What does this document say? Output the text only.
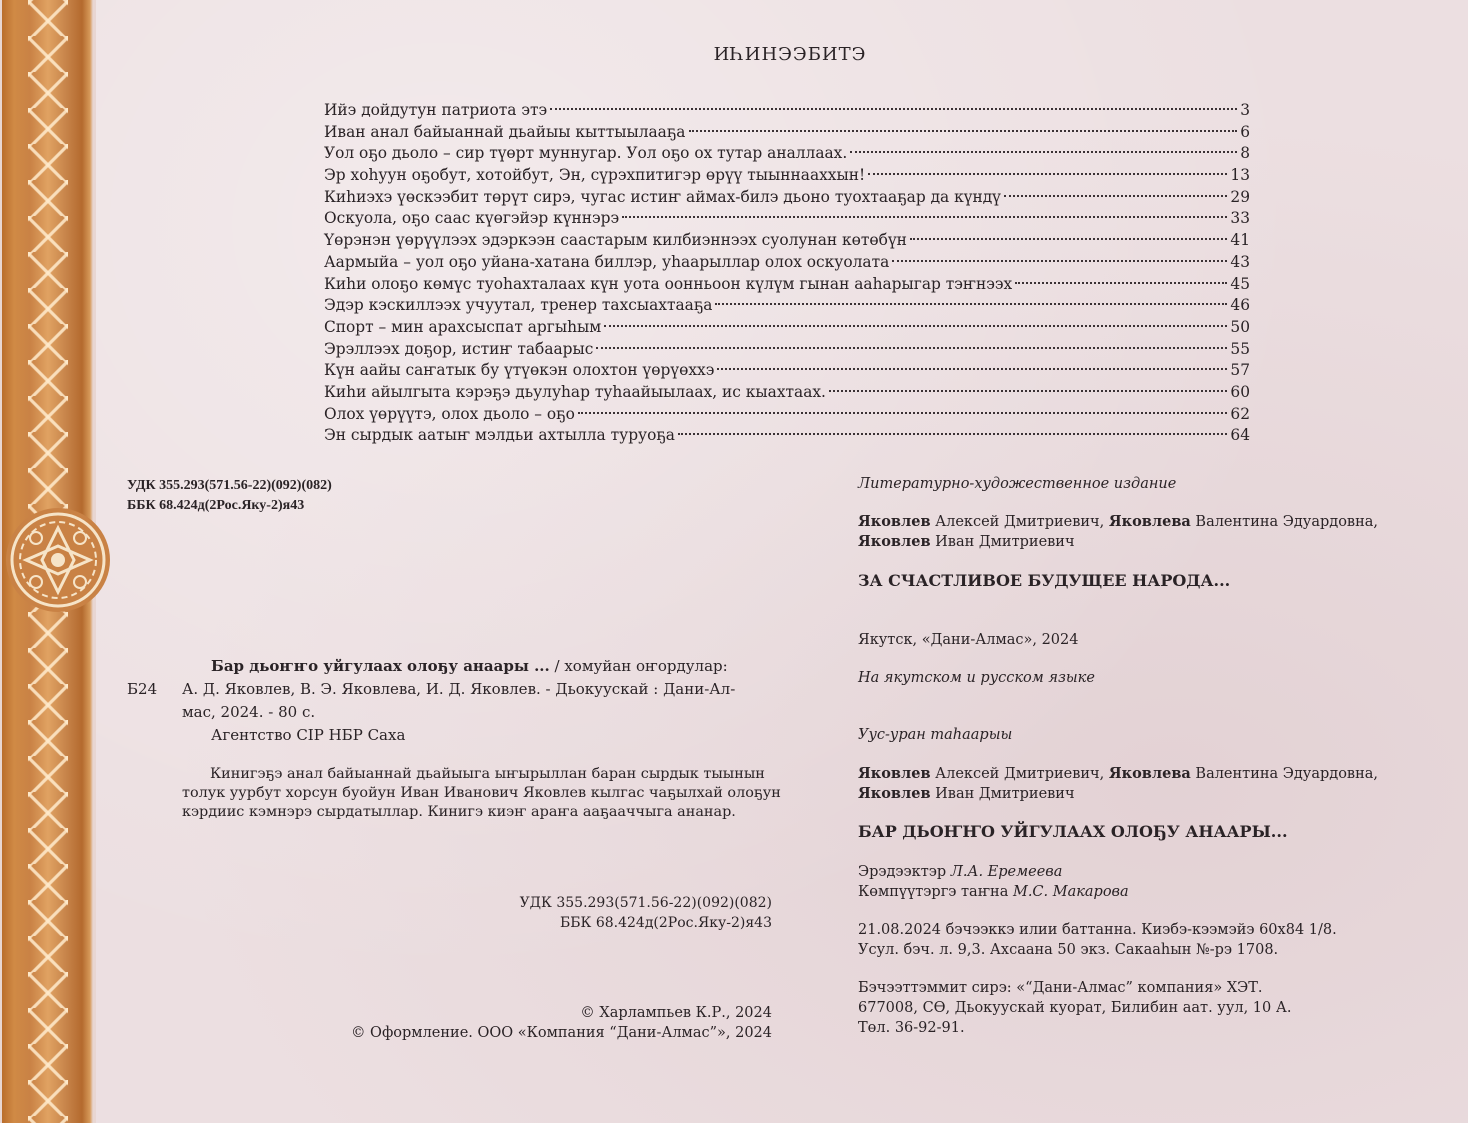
ИҺИНЭЭБИТЭ
Ийэ дойдутун патриота этэ	3
Иван анал байыаннай дьайыы кыттыылааҕа	6
Уол оҕо дьоло – сир түөрт муннугар. Уол оҕо ох тутар аналлаах.	8
Эр хоһуун оҕобут, хотойбут, Эн, сүрэхпитигэр өрүү тыыннааххын!	13
Киһиэхэ үөскээбит төрүт сирэ, чугас истиҥ аймах-билэ дьоно туохтааҕар да күндү	29
Оскуола, оҕо саас күөгэйэр күннэрэ	33
Үөрэнэн үөрүүлээх эдэркээн саастарым килбиэннээх суолунан көтөбүн	41
Аармыйа – уол оҕо уйана-хатана биллэр, уһаарыллар олох оскуолата	43
Киһи олоҕо көмүс туоһахталаах күн уота оонньоон күлүм гынан ааһарыгар тэҥнээх	45
Эдэр кэскиллээх учуутал, тренер тахсыахтааҕа	46
Спорт – мин арахсыспат аргыһым	50
Эрэллээх доҕор, истиҥ табаарыс	55
Күн аайы саҥатык бу үтүөкэн олохтон үөрүөххэ	57
Киһи айылгыта кэрэҕэ дьулуһар туһаайыылаах, ис кыахтаах.	60
Олох үөрүүтэ, олох дьоло – оҕо	62
Эн сырдык аатыҥ мэлдьи ахтылла туруоҕа	64
УДК 355.293(571.56-22)(092)(082)
ББК 68.424д(2Рос.Яку-2)я43
Б24
Бар дьоҥҥо уйгулаах олоҕу анаары ... / хомуйан оҥордулар:
А. Д. Яковлев, В. Э. Яковлева, И. Д. Яковлев. - Дьокуускай : Дани-Ал-
мас, 2024. - 80 с.
Агентство СIP НБР Саха
Кинигэҕэ анал байыаннай дьайыыга ыҥырыллан баран сырдык тыынын толук уурбут хорсун буойун Иван Иванович Яковлев кылгас чаҕылхай олоҕун кэрдиис кэмнэрэ сырдатыллар. Кинигэ киэҥ араҥа ааҕааччыга ананар.
УДК 355.293(571.56-22)(092)(082)
ББК 68.424д(2Рос.Яку-2)я43
© Харлампьев К.Р., 2024
© Оформление. ООО «Компания “Дани-Алмас”», 2024
Литературно-художественное издание
Яковлев Алексей Дмитриевич, Яковлева Валентина Эдуардовна,
Яковлев Иван Дмитриевич
ЗА СЧАСТЛИВОЕ БУДУЩЕЕ НАРОДА...
Якутск, «Дани-Алмас», 2024
На якутском и русском языке
Уус-уран таһаарыы
Яковлев Алексей Дмитриевич, Яковлева Валентина Эдуардовна,
Яковлев Иван Дмитриевич
БАР ДЬОҤҤО УЙГУЛААХ ОЛОҔУ АНААРЫ...
Эрэдээктэр Л.А. Еремеева
Көмпүүтэргэ таҥна М.С. Макарова
21.08.2024 бэчээккэ илии баттанна. Киэбэ-кээмэйэ 60x84 1/8.
Усул. бэч. л. 9,3. Ахсаана 50 экз. Сакааһын №-рэ 1708.
Бэчээттэммит сирэ: «“Дани-Алмас” компания» ХЭТ.
677008, СӨ, Дьокуускай куорат, Билибин аат. уул, 10 А.
Төл. 36-92-91.
